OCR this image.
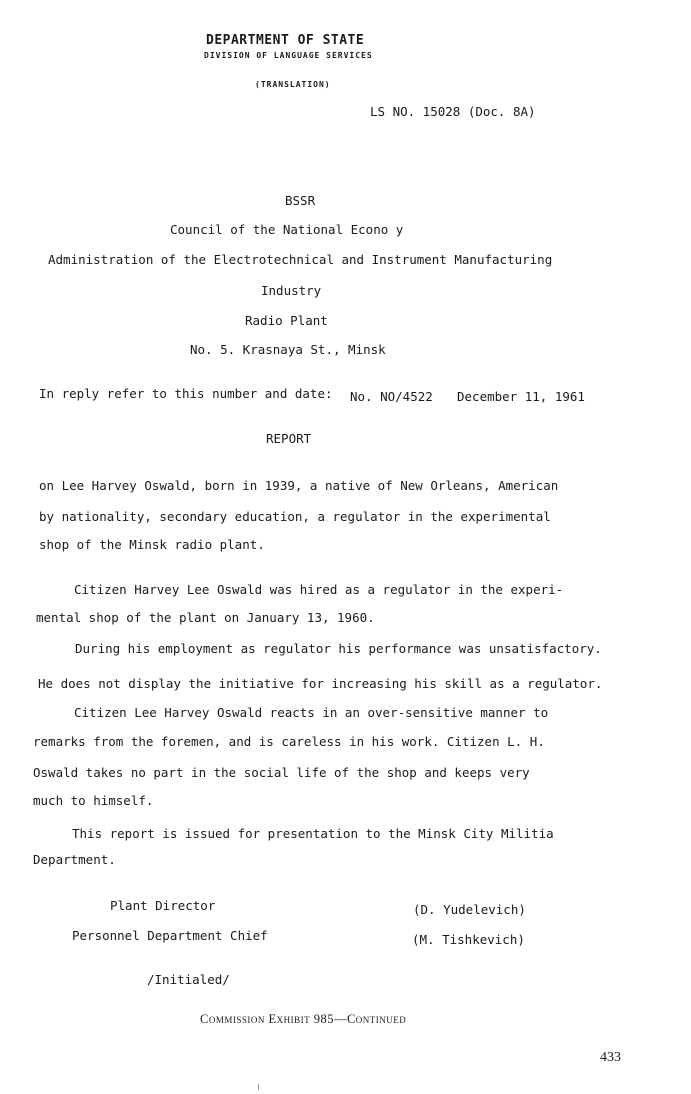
DEPARTMENT OF STATE
DIVISION OF LANGUAGE SERVICES
(TRANSLATION)
LS NO. 15028 (Doc. 8A)
BSSR
Council of the National Econo y
Administration of the Electrotechnical and Instrument Manufacturing
Industry
Radio Plant
No. 5. Krasnaya St., Minsk
In reply refer to this number and date: No. NO/4522 December 11, 1961
REPORT
on Lee Harvey Oswald, born in 1939, a native of New Orleans, American
by nationality, secondary education, a regulator in the experimental
shop of the Minsk radio plant.
Citizen Harvey Lee Oswald was hired as a regulator in the experi-
mental shop of the plant on January 13, 1960.
During his employment as regulator his performance was unsatisfactory.
He does not display the initiative for increasing his skill as a regulator.
Citizen Lee Harvey Oswald reacts in an over-sensitive manner to
remarks from the foremen, and is careless in his work. Citizen L. H.
Oswald takes no part in the social life of the shop and keeps very
much to himself.
This report is issued for presentation to the Minsk City Militia
Department.
Plant Director	(D. Yudelevich)
Personnel Department Chief	(M. Tishkevich)
/Initialed/
Commission Exhibit 985—Continued
433
